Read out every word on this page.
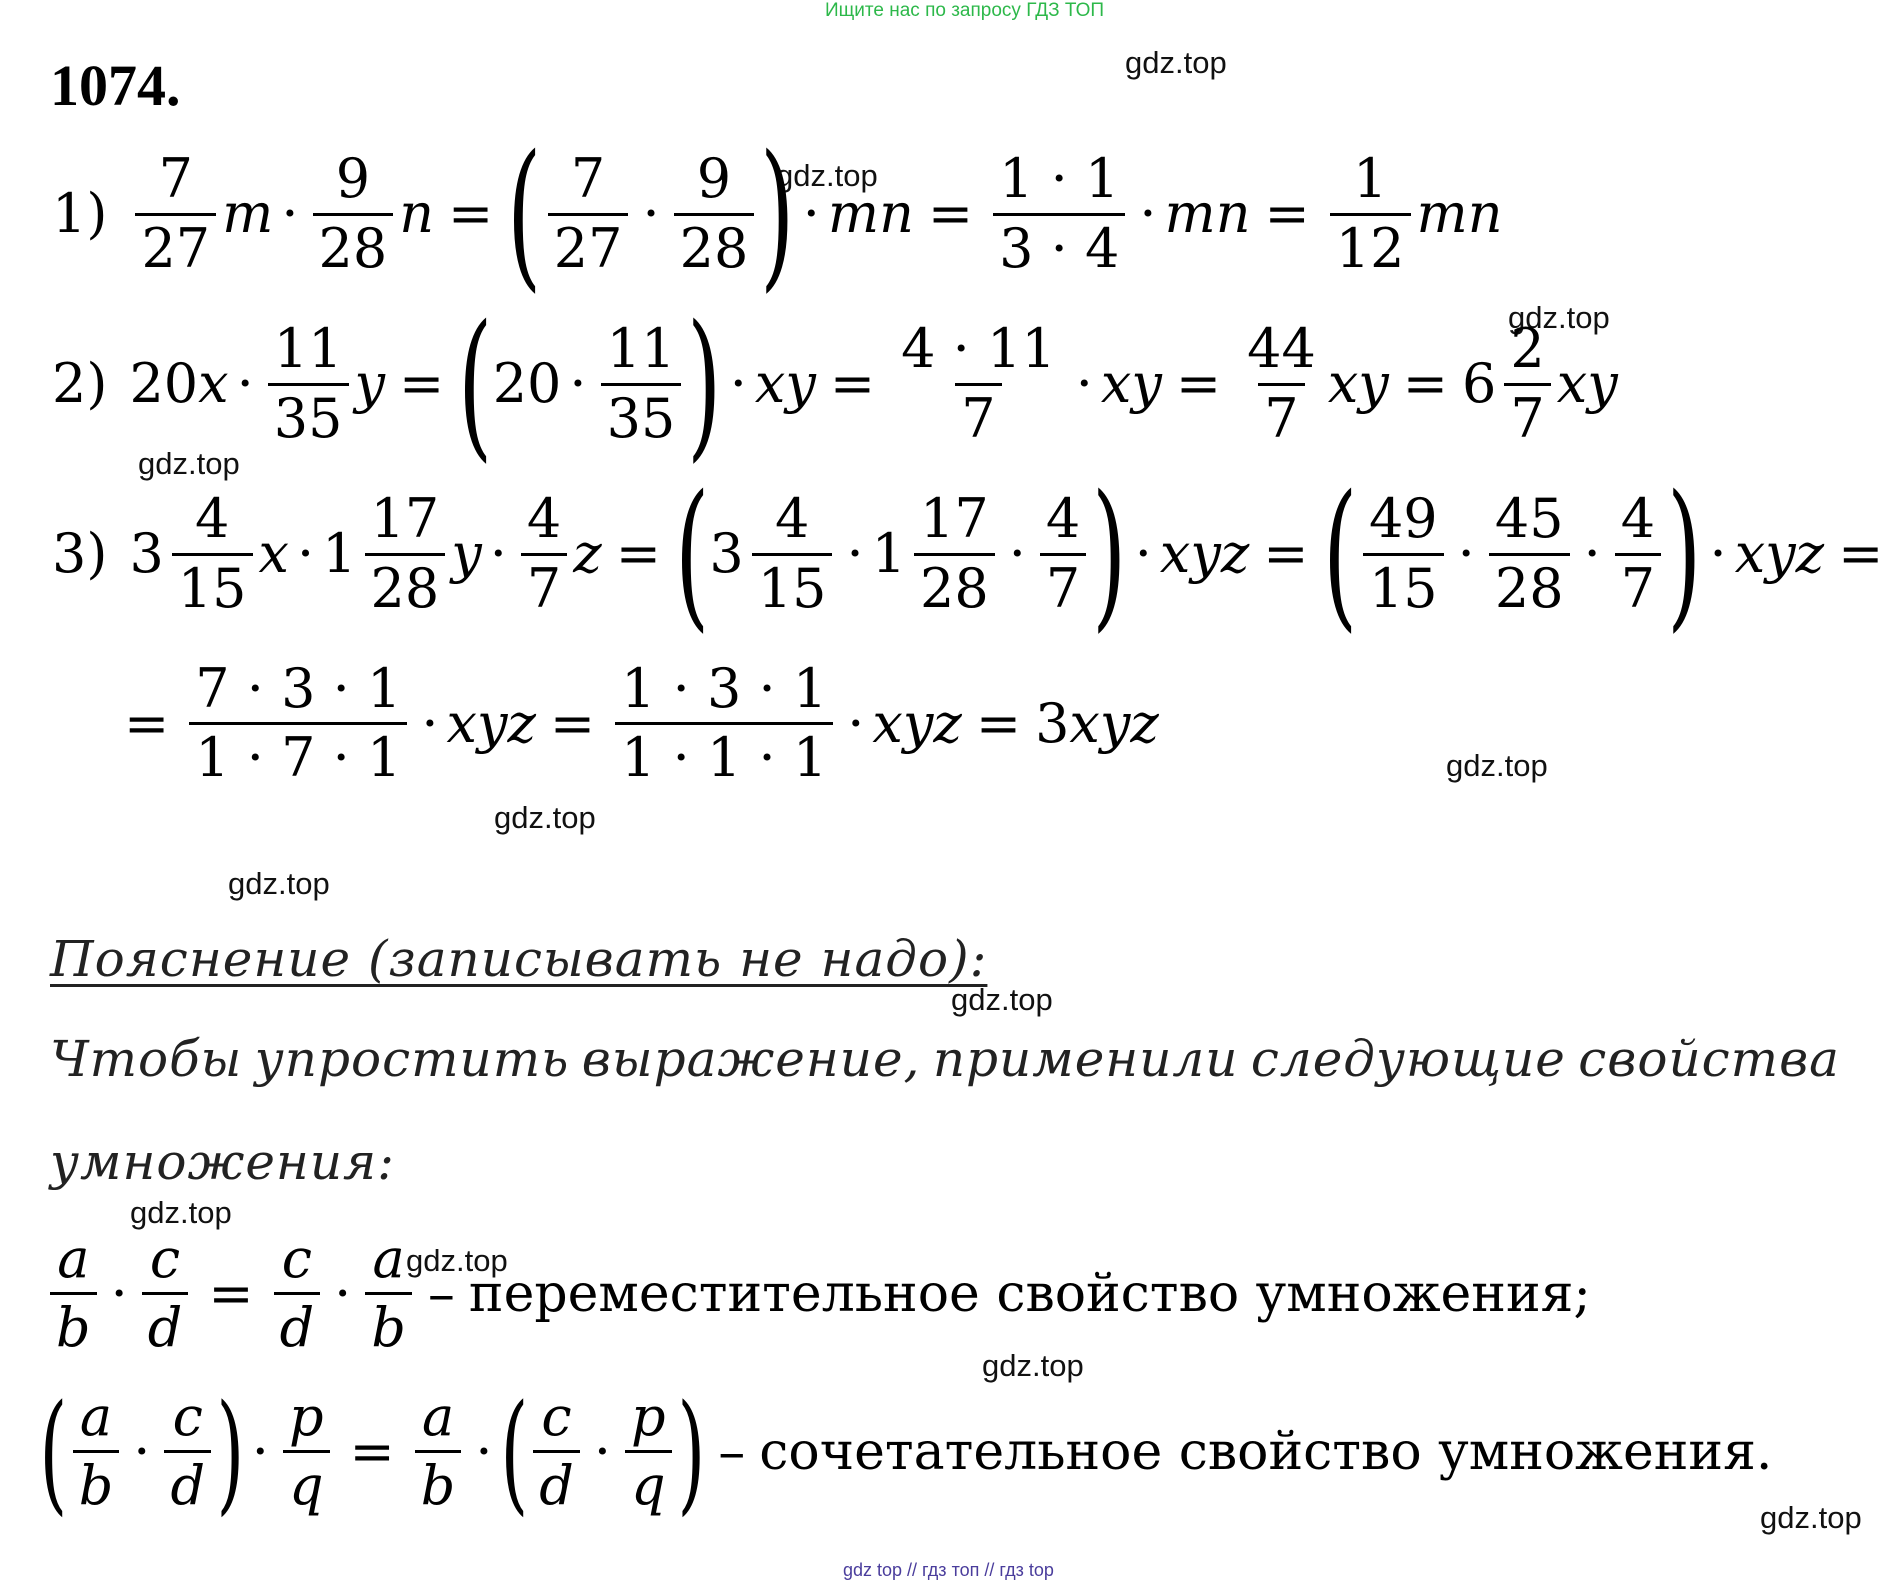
Ищите нас по запросу ГДЗ ТОП
1074.	gdz.top
gdz.top
gdz.top
gdz.top
gdz.top
gdz.top
gdz.top
gdz.top
gdz.top
gdz.top
gdz.top
gdz.top
$1) \frac{7}{27}$ $m \cdot \frac{9}{28}$ n = ( $\frac{7}{27} \cdot \frac{9}{28}$ ) · mn = $\frac{1 \cdot 1}{3 \cdot 4}$ · mn = $\frac{1}{12}$ mn
2) 20 $x \cdot \frac{11}{35}$ y = ( $20 \cdot \frac{11}{35}$ ) · xy = $\frac{4 \cdot 11}{7}$ · xy = $\frac{44}{7}$ xy = $6 \frac{2}{7}$ xy
3) $3 \frac{4}{15}$ $x \cdot 1 \frac{17}{28}$ $y \cdot \frac{4}{7}$ z = ( $3 \frac{4}{15} \cdot 1 \frac{17}{28} \cdot \frac{4}{7}$ ) · xyz = ( $\frac{49}{15} \cdot \frac{45}{28} \cdot \frac{4}{7}$ ) · xyz =
= $\frac{7 \cdot 3 \cdot 1}{1 \cdot 7 \cdot 1}$ · xyz = $\frac{1 \cdot 3 \cdot 1}{1 \cdot 1 \cdot 1}$ · xyz = 3 xyz
Пояснение (записывать не надо):
Чтобы упростить выражение, применили следующие свойства
умножения:
$\frac{a}{b} \cdot \frac{c}{d} = \frac{c}{d} \cdot \frac{a}{b}$ – переместительное свойство умножения;
( $\frac{a}{b} \cdot \frac{c}{d}$ ) · $\frac{p}{q} = \frac{a}{b}$ · ( $\frac{c}{d} \cdot \frac{p}{q}$ ) – сочетательное свойство умножения.
gdz top // гдз топ // гдз top
